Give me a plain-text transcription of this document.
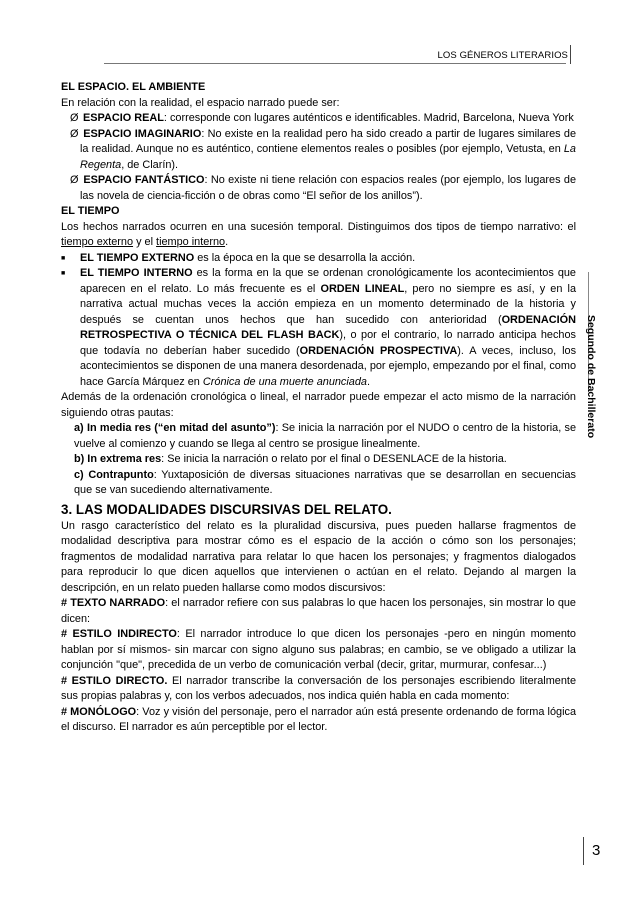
LOS GÉNEROS LITERARIOS
Segundo de Bachillerato

EL ESPACIO. EL AMBIENTE

En relación con la realidad, el espacio narrado puede ser:

Ø ESPACIO REAL: corresponde con lugares auténticos e identificables. Madrid, Barcelona, Nueva York

Ø ESPACIO IMAGINARIO: No existe en la realidad pero ha sido creado a partir de lugares similares de la realidad. Aunque no es auténtico, contiene elementos reales o posibles (por ejemplo, Vetusta, en La Regenta, de Clarín).

Ø ESPACIO FANTÁSTICO: No existe ni tiene relación con espacios reales (por ejemplo, los lugares de las novela de ciencia-ficción o de obras como “El señor de los anillos”).

EL TIEMPO

Los hechos narrados ocurren en una sucesión temporal. Distinguimos dos tipos de tiempo narrativo: el tiempo externo y el tiempo interno.

■ EL TIEMPO EXTERNO es la época en la que se desarrolla la acción.

■ EL TIEMPO INTERNO es la forma en la que se ordenan cronológicamente los acontecimientos que aparecen en el relato. Lo más frecuente es el ORDEN LINEAL, pero no siempre es así, y en la narrativa actual muchas veces la acción empieza en un momento determinado de la historia y después se cuentan unos hechos que han sucedido con anterioridad (ORDENACIÓN RETROSPECTIVA O TÉCNICA DEL FLASH BACK), o por el contrario, lo narrado anticipa hechos que todavía no deberían haber sucedido (ORDENACIÓN PROSPECTIVA). A veces, incluso, los acontecimientos se disponen de una manera desordenada, por ejemplo, empezando por el final, como hace García Márquez en Crónica de una muerte anunciada.

Además de la ordenación cronológica o lineal, el narrador puede empezar el acto mismo de la narración siguiendo otras pautas:

a) In media res (“en mitad del asunto”): Se inicia la narración por el NUDO o centro de la historia, se vuelve al comienzo y cuando se llega al centro se prosigue linealmente.

b) In extrema res: Se inicia la narración o relato por el final o DESENLACE de la historia.

c) Contrapunto: Yuxtaposición de diversas situaciones narrativas que se desarrollan en secuencias que se van sucediendo alternativamente.

3. LAS MODALIDADES DISCURSIVAS DEL RELATO.

Un rasgo característico del relato es la pluralidad discursiva, pues pueden hallarse fragmentos de modalidad descriptiva para mostrar cómo es el espacio de la acción o cómo son los personajes; fragmentos de modalidad narrativa para relatar lo que hacen los personajes; y fragmentos dialogados para reproducir lo que dicen aquellos que intervienen o actúan en el relato. Dejando al margen la descripción, en un relato pueden hallarse como modos discursivos:

# TEXTO NARRADO: el narrador refiere con sus palabras lo que hacen los personajes, sin mostrar lo que dicen:

# ESTILO INDIRECTO: El narrador introduce lo que dicen los personajes -pero en ningún momento hablan por sí mismos- sin marcar con signo alguno sus palabras; en cambio, se ve obligado a utilizar la conjunción "que", precedida de un verbo de comunicación verbal (decir, gritar, murmurar, confesar...)

# ESTILO DIRECTO. El narrador transcribe la conversación de los personajes escribiendo literalmente sus propias palabras y, con los verbos adecuados, nos indica quién habla en cada momento:

# MONÓLOGO: Voz y visión del personaje, pero el narrador aún está presente ordenando de forma lógica el discurso. El narrador es aún perceptible por el lector.

3
